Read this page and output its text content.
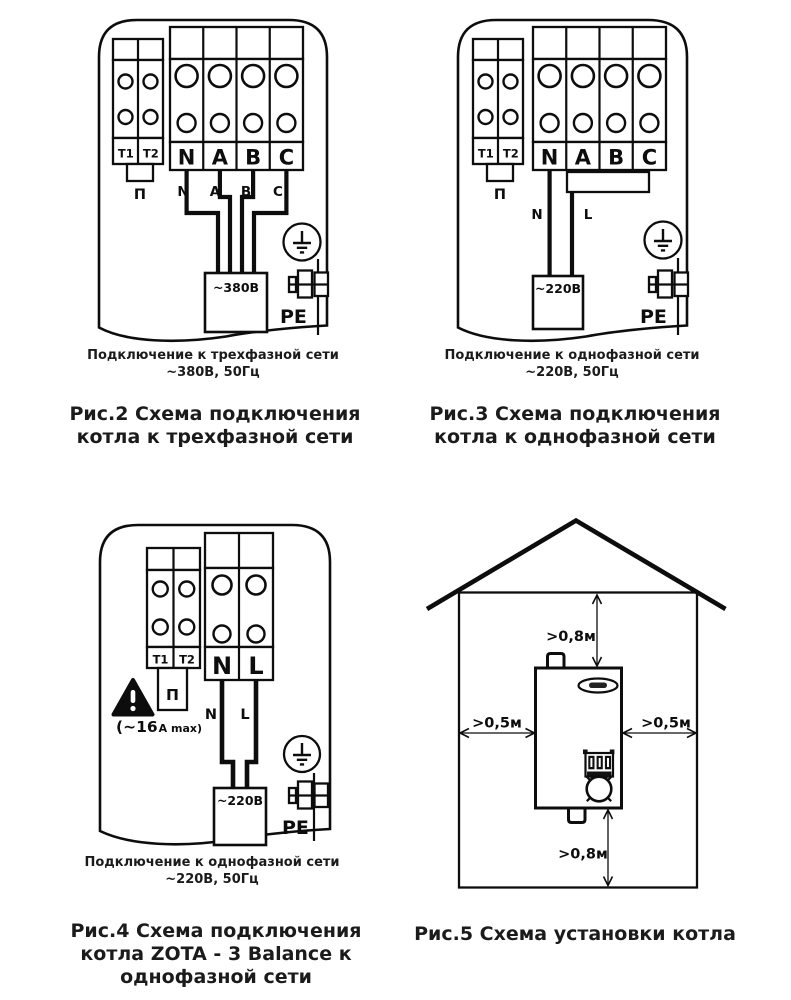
T1 T2
П
N A B C
N A B C
~380В
PE
T1 T2
П
N A B C
N	L
~220В
PE
T1 T2
П
(~16А max)
N L
N L
~220В
PE
>0,8м
>0,5м	>0,5м
>0,8м
Подключение к трехфазной сети
~380В, 50Гц
Подключение к однофазной сети
~220В, 50Гц
Рис.2 Схема подключения
котла к трехфазной сети
Рис.3 Схема подключения
котла к однофазной сети
Подключение к однофазной сети
~220В, 50Гц
Рис.4 Схема подключения
котла ZOTA - 3 Balance к
однофазной сети
Рис.5 Схема установки котла
